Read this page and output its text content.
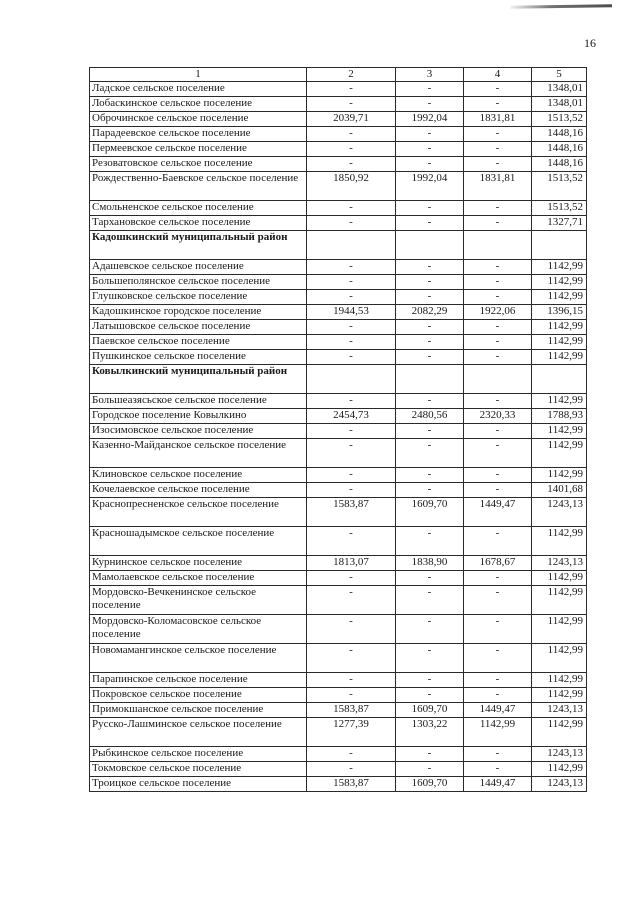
16
1	2	3	4	5
Ладское сельское поселение	-	-	-	1348,01
Лобаскинское сельское поселение	-	-	-	1348,01
Оброчинское сельское поселение	2039,71	1992,04	1831,81	1513,52
Парадеевское сельское поселение	-	-	-	1448,16
Пермеевское сельское поселение	-	-	-	1448,16
Резоватовское сельское поселение	-	-	-	1448,16
Рождественно-Баевское сельское поселение	1850,92	1992,04	1831,81	1513,52
Смольненское сельское поселение	-	-	-	1513,52
Тархановское сельское поселение	-	-	-	1327,71
Кадошкинский муниципальный район				
Адашевское сельское поселение	-	-	-	1142,99
Большеполянское сельское поселение	-	-	-	1142,99
Глушковское сельское поселение	-	-	-	1142,99
Кадошкинское городское поселение	1944,53	2082,29	1922,06	1396,15
Латышовское сельское поселение	-	-	-	1142,99
Паевское сельское поселение	-	-	-	1142,99
Пушкинское сельское поселение	-	-	-	1142,99
Ковылкинский муниципальный район				
Большеазясьское сельское поселение	-	-	-	1142,99
Городское поселение Ковылкино	2454,73	2480,56	2320,33	1788,93
Изосимовское сельское поселение	-	-	-	1142,99
Казенно-Майданское сельское поселение	-	-	-	1142,99
Клиновское сельское поселение	-	-	-	1142,99
Кочелаевское сельское поселение	-	-	-	1401,68
Краснопресненское сельское поселение	1583,87	1609,70	1449,47	1243,13
Красношадымское сельское поселение	-	-	-	1142,99
Курнинское сельское поселение	1813,07	1838,90	1678,67	1243,13
Мамолаевское сельское поселение	-	-	-	1142,99
Мордовско-Вечкенинское сельское поселение	-	-	-	1142,99
Мордовско-Коломасовское сельское поселение	-	-	-	1142,99
Новомамангинское сельское поселение	-	-	-	1142,99
Парапинское сельское поселение	-	-	-	1142,99
Покровское сельское поселение	-	-	-	1142,99
Примокшанское сельское поселение	1583,87	1609,70	1449,47	1243,13
Русско-Лашминское сельское поселение	1277,39	1303,22	1142,99	1142,99
Рыбкинское сельское поселение	-	-	-	1243,13
Токмовское сельское поселение	-	-	-	1142,99
Троицкое сельское поселение	1583,87	1609,70	1449,47	1243,13
